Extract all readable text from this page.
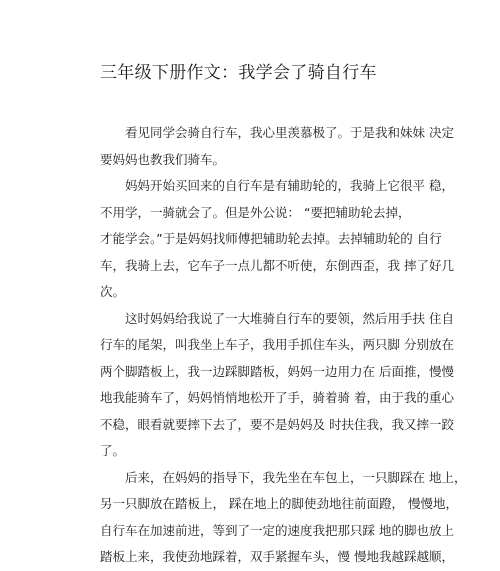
三年级下册作文：我学会了骑自行车
看见同学会骑自行车，我心里羡慕极了。于是我和妹妹 决定
要妈妈也教我们骑车。
妈妈开始买回来的自行车是有辅助轮的，我骑上它很平 稳，
不用学，一骑就会了。但是外公说： “要把辅助轮去掉，
才能学会。”于是妈妈找师傅把辅助轮去掉。去掉辅助轮的 自行
车，我骑上去，它车子一点儿都不听使，东倒西歪，我 摔了好几
次。
这时妈妈给我说了一大堆骑自行车的要领，然后用手扶 住自
行车的尾架，叫我坐上车子，我用手抓住车头，两只脚 分别放在
两个脚踏板上，我一边踩脚踏板，妈妈一边用力在 后面推，慢慢
地我能骑车了，妈妈悄悄地松开了手，骑着骑 着，由于我的重心
不稳，眼看就要摔下去了，要不是妈妈及 时扶住我，我又摔一跤
了。
后来，在妈妈的指导下，我先坐在车包上，一只脚踩在 地上，
另一只脚放在踏板上， 踩在地上的脚使劲地往前面蹬， 慢慢地，
自行车在加速前进，等到了一定的速度我把那只踩 地的脚也放上
踏板上来，我使劲地踩着，双手紧握车头，慢 慢地我越踩越顺，
